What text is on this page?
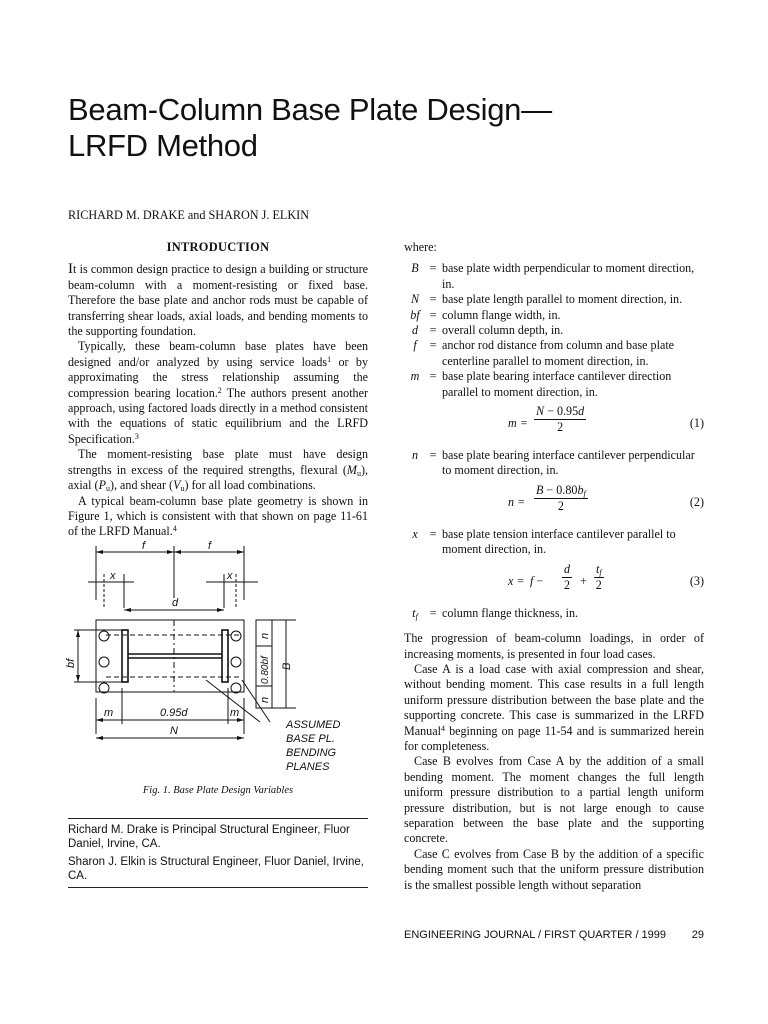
Beam-Column Base Plate Design—
LRFD Method
RICHARD M. DRAKE and SHARON J. ELKIN
INTRODUCTION

It is common design practice to design a building or structure beam-column with a moment-resisting or fixed base. Therefore the base plate and anchor rods must be capable of transferring shear loads, axial loads, and bending moments to the supporting foundation.

Typically, these beam-column base plates have been designed and/or analyzed by using service loads$^1$ or by approximating the stress relationship assuming the compression bearing location.$^2$ The authors present another approach, using factored loads directly in a method consistent with the equations of static equilibrium and the LRFD Specification.$^3$

The moment-resisting base plate must have design strengths in excess of the required strengths, flexural $(M_u)$, axial $(P_u)$, and shear $(V_u)$ for all load combinations.

A typical beam-column base plate geometry is shown in Figure 1, which is consistent with that shown on page 11-61 of the LRFD Manual.$^4$

f	f
x	x
d
bf
n
0.80bf
n
B
m	0.95d	m
N	ASSUMED
BASE PL.
BENDING
PLANES
Fig. 1. Base Plate Design Variables

Richard M. Drake is Principal Structural Engineer, Fluor Daniel, Irvine, CA.

Sharon J. Elkin is Structural Engineer, Fluor Daniel, Irvine, CA.

where:

B = base plate width perpendicular to moment direction, in.
N = base plate length parallel to moment direction, in.
bf = column flange width, in.
d = overall column depth, in.
f	= anchor rod distance from column and base plate centerline parallel to moment direction, in.
m = base plate bearing interface cantilever direction parallel to moment direction, in.
$m = \frac{N - 0.95d}{2}$	(1)
n = base plate bearing interface cantilever perpendicular to moment direction, in.
$n = \frac{B - 0.80b_f}{2}$	(2)
x = base plate tension interface cantilever parallel to moment direction, in.
$x = f - \frac{d}{2} + \frac{t_f}{2}$	(3)
$t_f$ = column flange thickness, in.

The progression of beam-column loadings, in order of increasing moments, is presented in four load cases.

Case A is a load case with axial compression and shear, without bending moment. This case results in a full length uniform pressure distribution between the base plate and the supporting concrete. This case is summarized in the LRFD Manual$^4$ beginning on page 11-54 and is summarized herein for completeness.

Case B evolves from Case A by the addition of a small bending moment. The moment changes the full length uniform pressure distribution to a partial length uniform pressure distribution, but is not large enough to cause separation between the base plate and the supporting concrete.

Case C evolves from Case B by the addition of a specific bending moment such that the uniform pressure distribution is the smallest possible length without separation

ENGINEERING JOURNAL / FIRST QUARTER / 1999 29
